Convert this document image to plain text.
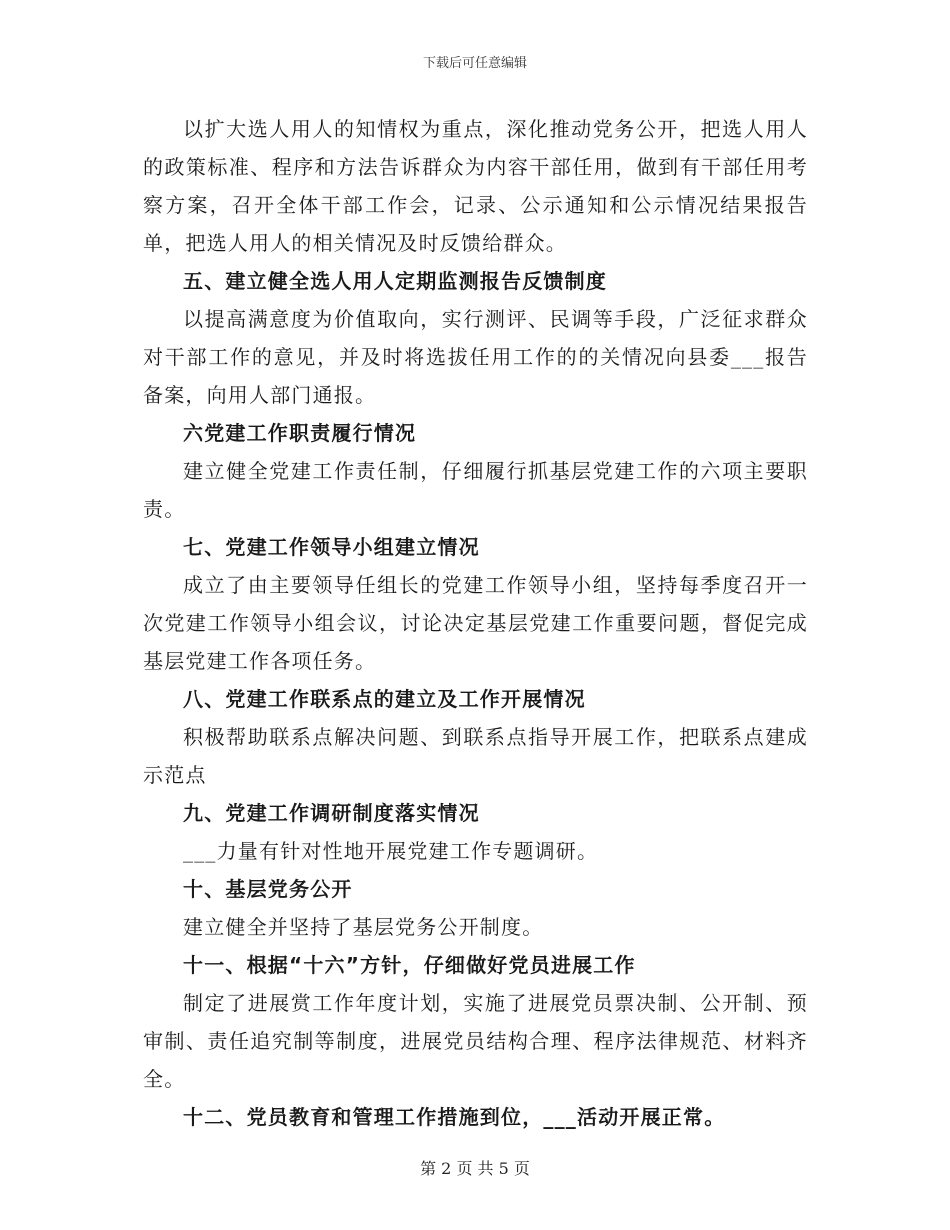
下载后可任意编辑

以扩大选人用人的知情权为重点，深化推动党务公开，把选人用人的政策标准、程序和方法告诉群众为内容干部任用，做到有干部任用考察方案，召开全体干部工作会，记录、公示通知和公示情况结果报告单，把选人用人的相关情况及时反馈给群众。

五、建立健全选人用人定期监测报告反馈制度

以提高满意度为价值取向，实行测评、民调等手段，广泛征求群众对干部工作的意见，并及时将选拔任用工作的的关情况向县委___报告备案，向用人部门通报。

六党建工作职责履行情况

建立健全党建工作责任制，仔细履行抓基层党建工作的六项主要职责。

七、党建工作领导小组建立情况

成立了由主要领导任组长的党建工作领导小组，坚持每季度召开一次党建工作领导小组会议，讨论决定基层党建工作重要问题，督促完成基层党建工作各项任务。

八、党建工作联系点的建立及工作开展情况

积极帮助联系点解决问题、到联系点指导开展工作，把联系点建成示范点

九、党建工作调研制度落实情况

___力量有针对性地开展党建工作专题调研。

十、基层党务公开

建立健全并坚持了基层党务公开制度。

十一、根据“十六”方针，仔细做好党员进展工作

制定了进展赏工作年度计划，实施了进展党员票决制、公开制、预审制、责任追究制等制度，进展党员结构合理、程序法律规范、材料齐全。

十二、党员教育和管理工作措施到位，___活动开展正常。

第 2 页 共 5 页
